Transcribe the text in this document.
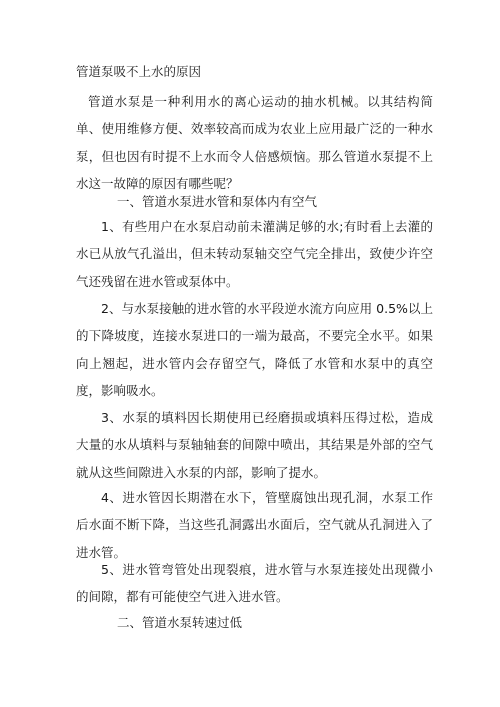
管道泵吸不上水的原因

管道水泵是一种利用水的离心运动的抽水机械。以其结构简单、使用维修方便、效率较高而成为农业上应用最广泛的一种水泵，但也因有时提不上水而令人倍感烦恼。那么管道水泵提不上水这一故障的原因有哪些呢？

一、管道水泵进水管和泵体内有空气

1、有些用户在水泵启动前未灌满足够的水;有时看上去灌的水已从放气孔溢出，但未转动泵轴交空气完全排出，致使少许空气还残留在进水管或泵体中。

2、与水泵接触的进水管的水平段逆水流方向应用 0.5%以上的下降坡度，连接水泵进口的一端为最高，不要完全水平。如果向上翘起，进水管内会存留空气，降低了水管和水泵中的真空度，影响吸水。

3、水泵的填料因长期使用已经磨损或填料压得过松，造成大量的水从填料与泵轴轴套的间隙中喷出，其结果是外部的空气就从这些间隙进入水泵的内部，影响了提水。

4、进水管因长期潜在水下，管壁腐蚀出现孔洞，水泵工作后水面不断下降，当这些孔洞露出水面后，空气就从孔洞进入了进水管。

5、进水管弯管处出现裂痕，进水管与水泵连接处出现微小的间隙，都有可能使空气进入进水管。

二、管道水泵转速过低
